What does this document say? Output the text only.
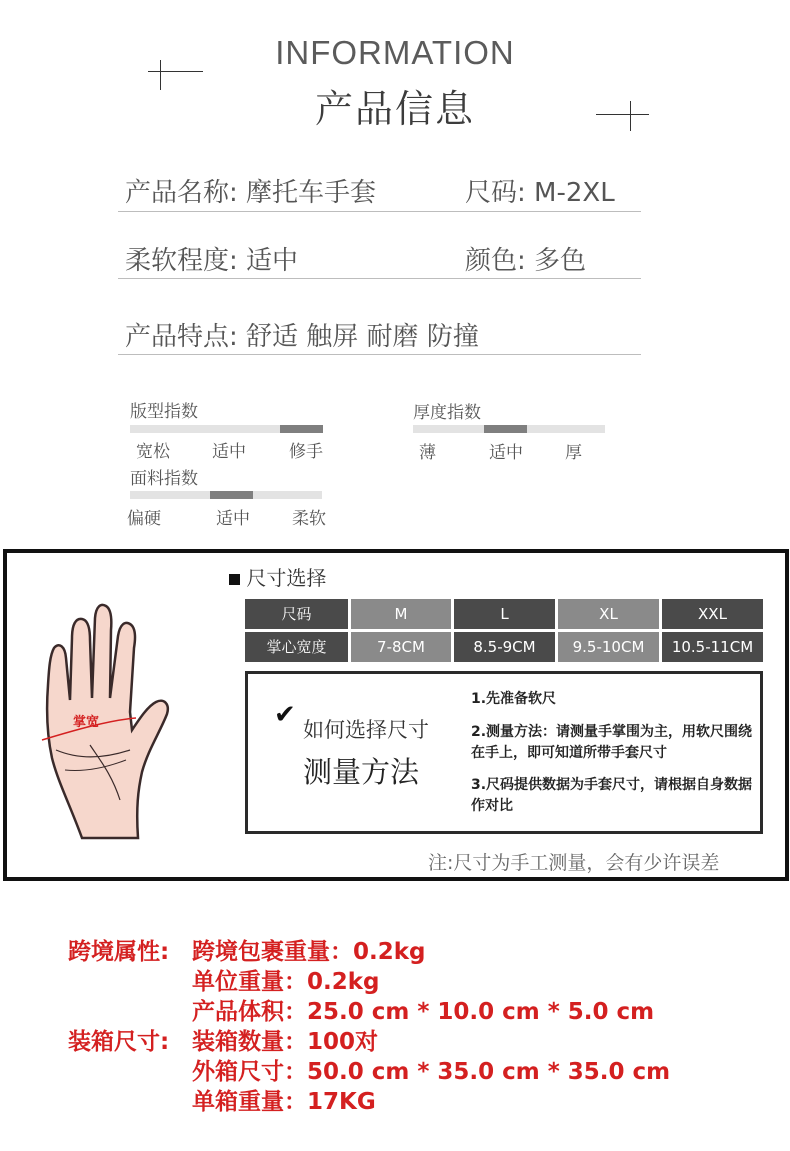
INFORMATION
产品信息
产品名称: 摩托车手套	尺码: M-2XL
柔软程度: 适中	颜色: 多色
产品特点: 舒适 触屏 耐磨 防撞
版型指数
宽松 适中	修手
厚度指数
薄	适中 厚
面料指数
偏硬	适中 柔软
尺寸选择
掌宽
尺码	M	L	XL	XXL
掌心宽度	7-8CM	8.5-9CM	9.5-10CM	10.5-11CM
✔ 如何选择尺寸
测量方法
1.先准备软尺
2.测量方法：请测量手掌围为主，用软尺围绕在手上，即可知道所带手套尺寸
3.尺码提供数据为手套尺寸，请根据自身数据作对比
注:尺寸为手工测量，会有少许误差
跨境属性: 跨境包裹重量：0.2kg
单位重量：0.2kg
产品体积：25.0 cm * 10.0 cm * 5.0 cm
装箱尺寸: 装箱数量：100对
外箱尺寸：50.0 cm * 35.0 cm * 35.0 cm
单箱重量：17KG
